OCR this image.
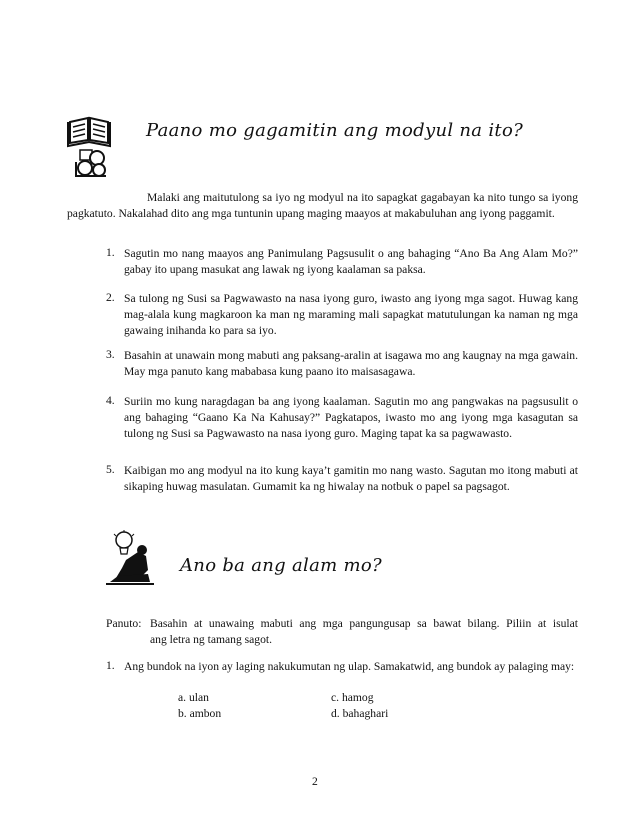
Paano mo gagamitin ang modyul na ito?
Malaki ang maitutulong sa iyo ng modyul na ito sapagkat gagabayan ka nito tungo sa iyong pagkatuto. Nakalahad dito ang mga tuntunin upang maging maayos at makabuluhan ang iyong paggamit.
1. Sagutin mo nang maayos ang Panimulang Pagsusulit o ang bahaging “Ano Ba Ang Alam Mo?” gabay ito upang masukat ang lawak ng iyong kaalaman sa paksa.
2. Sa tulong ng Susi sa Pagwawasto na nasa iyong guro, iwasto ang iyong mga sagot. Huwag kang mag-alala kung magkaroon ka man ng maraming mali sapagkat matutulungan ka naman ng mga gawaing inihanda ko para sa iyo.
3. Basahin at unawain mong mabuti ang paksang-aralin at isagawa mo ang kaugnay na mga gawain. May mga panuto kang mababasa kung paano ito maisasagawa.
4. Suriin mo kung naragdagan ba ang iyong kaalaman. Sagutin mo ang pangwakas na pagsusulit o ang bahaging “Gaano Ka Na Kahusay?” Pagkatapos, iwasto mo ang iyong mga kasagutan sa tulong ng Susi sa Pagwawasto na nasa iyong guro. Maging tapat ka sa pagwawasto.
5. Kaibigan mo ang modyul na ito kung kaya’t gamitin mo nang wasto. Sagutan mo itong mabuti at sikaping huwag masulatan. Gumamit ka ng hiwalay na notbuk o papel sa pagsagot.
Ano ba ang alam mo?
Panuto: Basahin at unawaing mabuti ang mga pangungusap sa bawat bilang. Piliin at isulat
ang letra ng tamang sagot.
1. Ang bundok na iyon ay laging nakukumutan ng ulap. Samakatwid, ang bundok ay palaging may:
a. ulan	c. hamog
b. ambon	d. bahaghari
2
